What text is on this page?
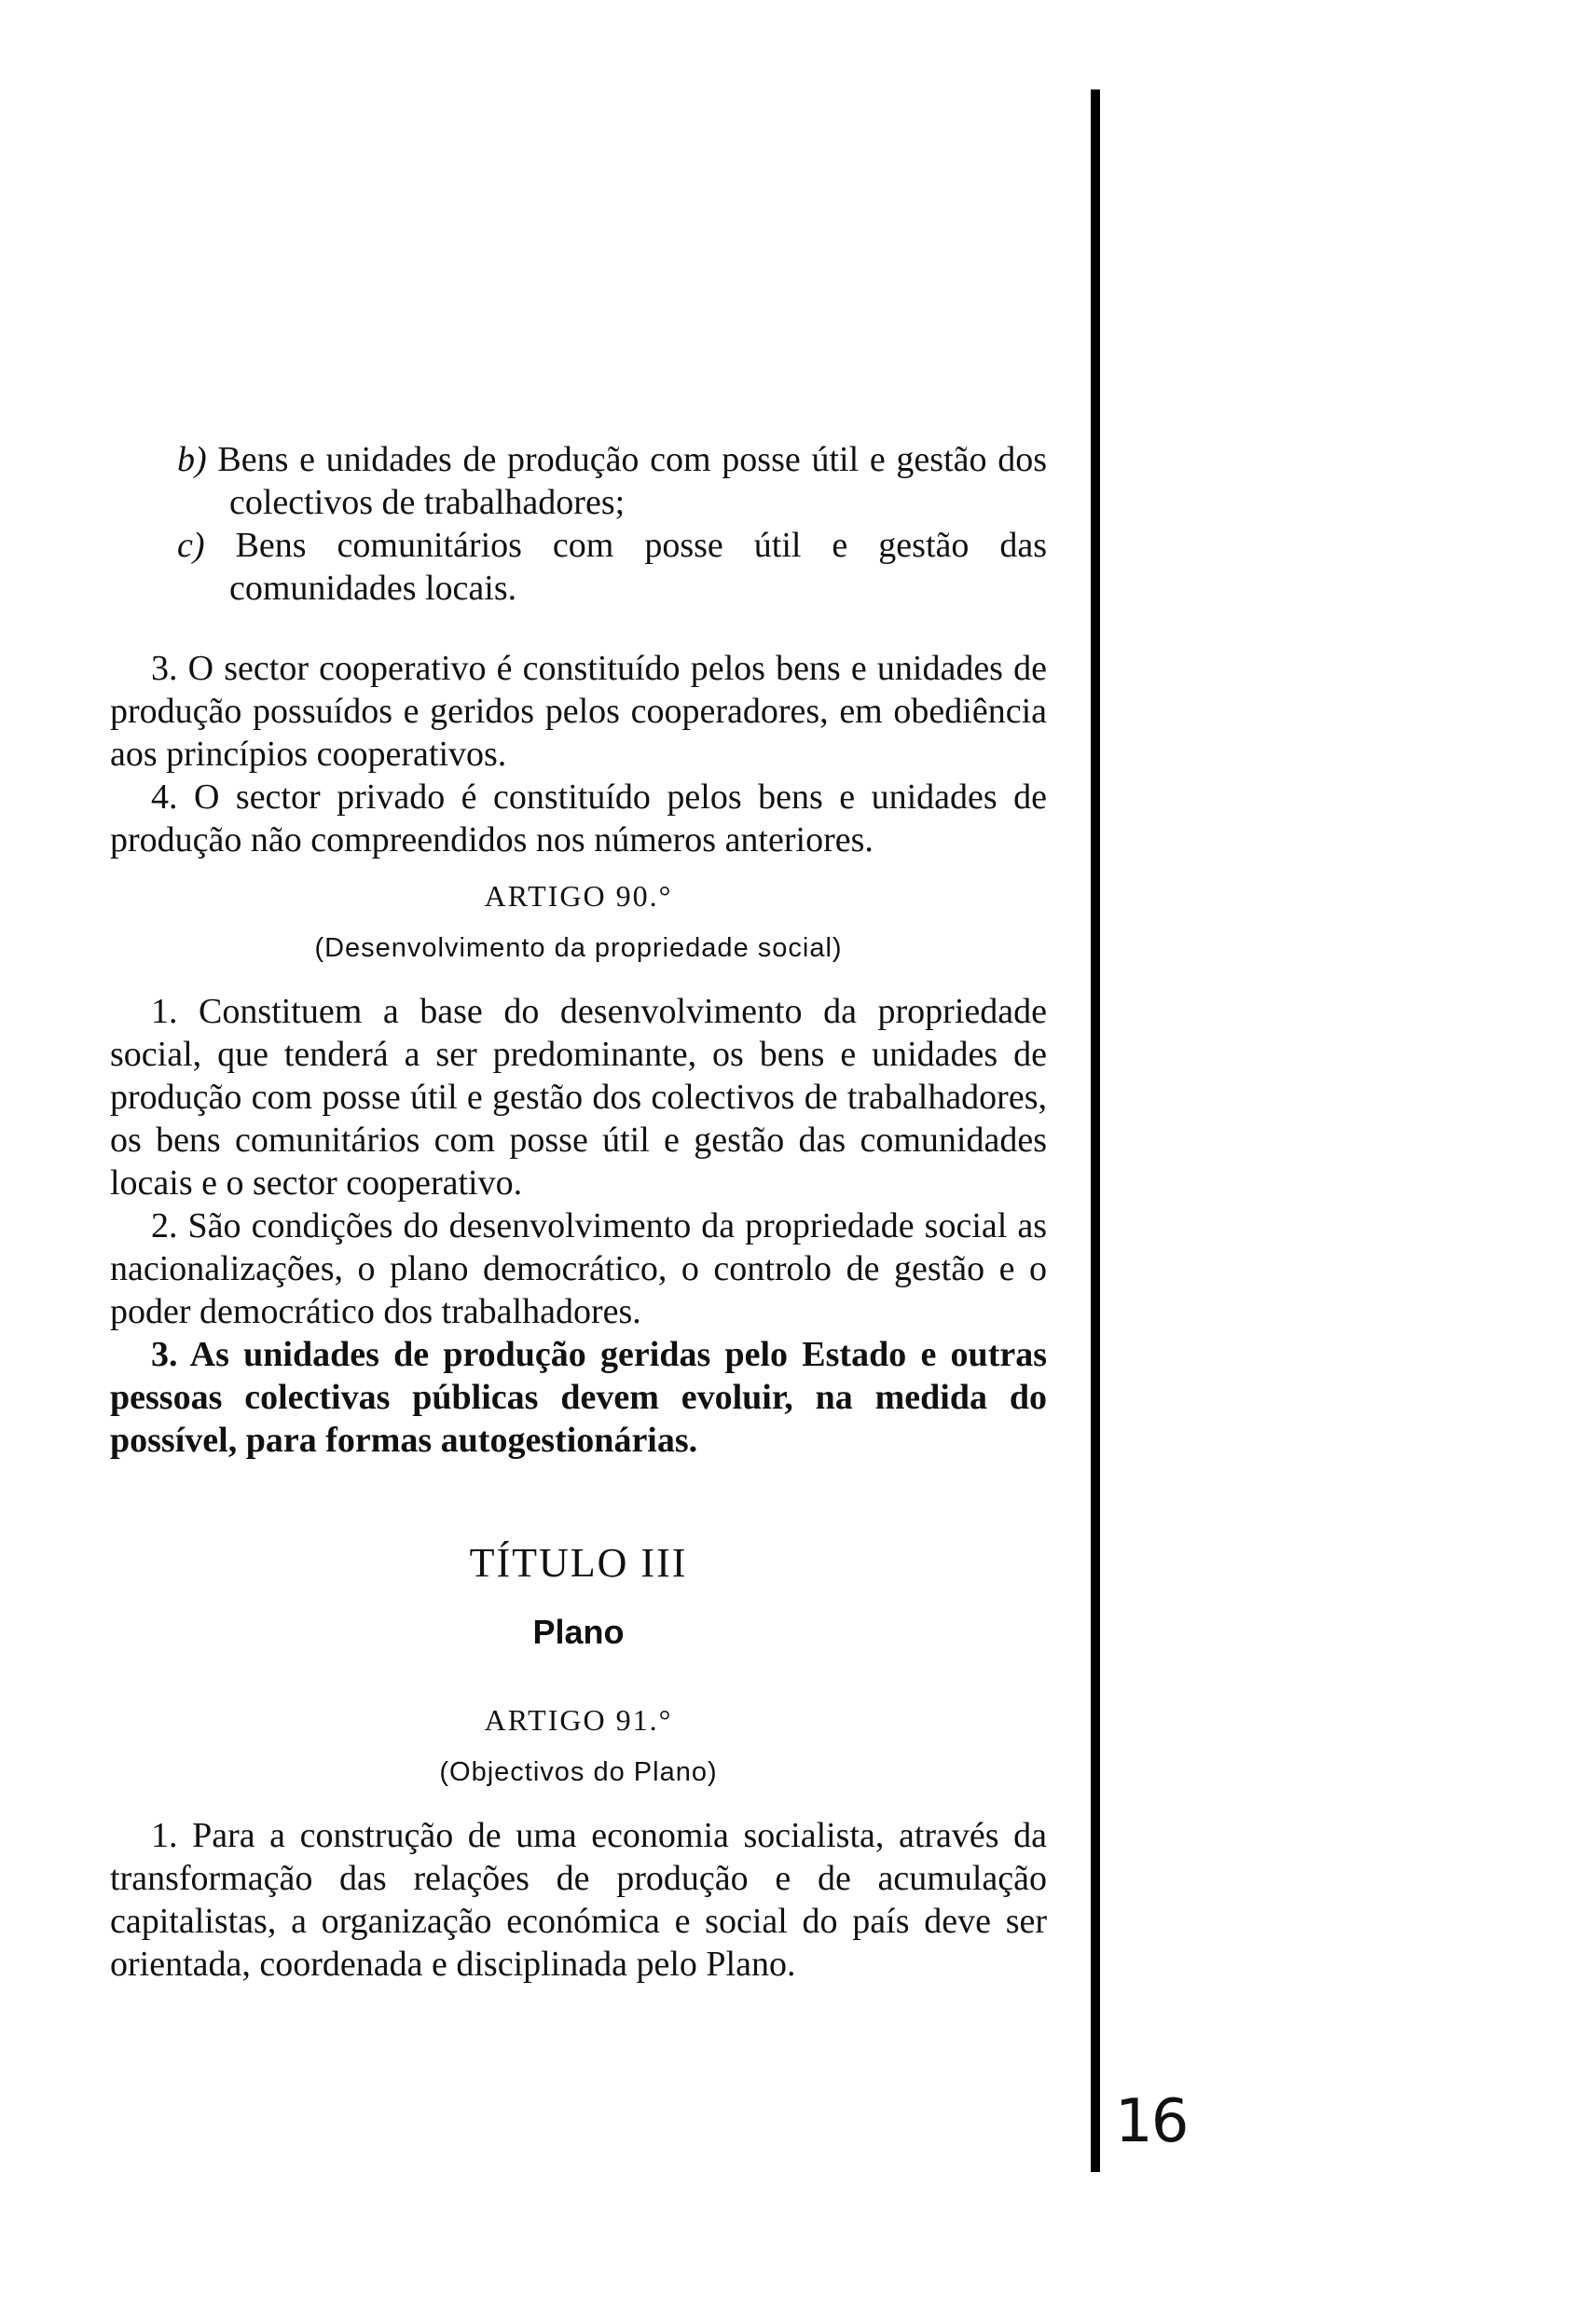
b) Bens e unidades de produção com posse útil e gestão dos colectivos de trabalhadores;

c) Bens comunitários com posse útil e gestão das comunidades locais.

3. O sector cooperativo é constituído pelos bens e unidades de produção possuídos e geridos pelos cooperadores, em obediência aos princípios cooperativos.

4. O sector privado é constituído pelos bens e unidades de produção não compreendidos nos números anteriores.

ARTIGO 90.°
(Desenvolvimento da propriedade social)

1. Constituem a base do desenvolvimento da propriedade social, que tenderá a ser predominante, os bens e unidades de produção com posse útil e gestão dos colectivos de trabalhadores, os bens comunitários com posse útil e gestão das comunidades locais e o sector cooperativo.

2. São condições do desenvolvimento da propriedade social as nacionalizações, o plano democrático, o controlo de gestão e o poder democrático dos trabalhadores.

3. As unidades de produção geridas pelo Estado e outras pessoas colectivas públicas devem evoluir, na medida do possível, para formas autogestionárias.

TÍTULO III
Plano
ARTIGO 91.°
(Objectivos do Plano)

1. Para a construção de uma economia socialista, através da transformação das relações de produção e de acumulação capitalistas, a organização económica e social do país deve ser orientada, coordenada e disciplinada pelo Plano.

16
